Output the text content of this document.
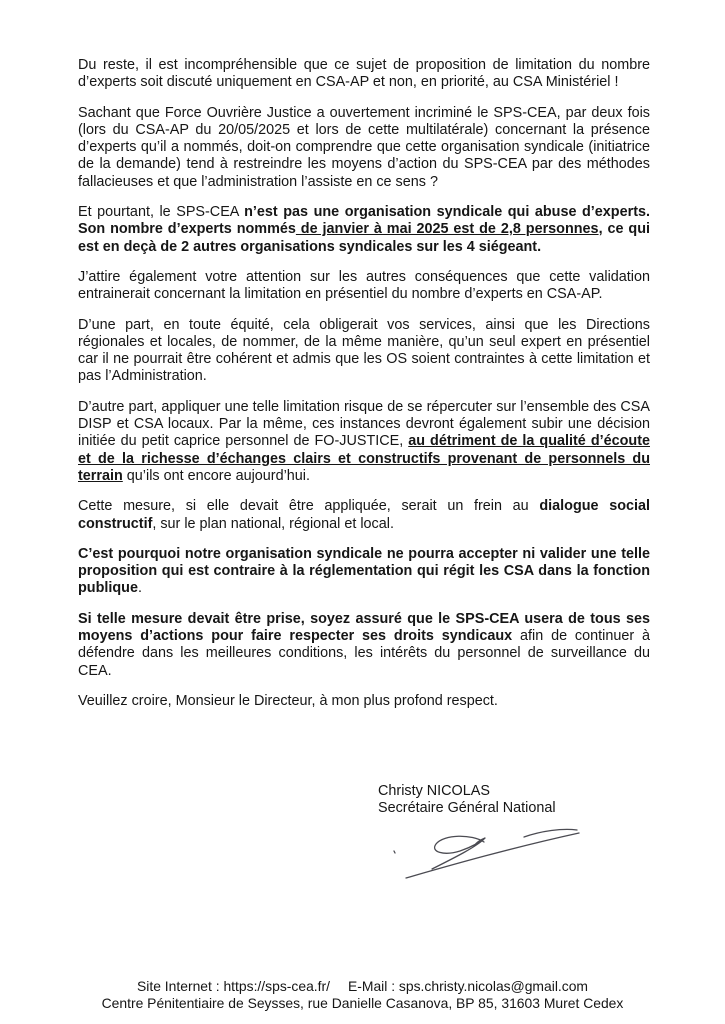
Du reste, il est incompréhensible que ce sujet de proposition de limitation du nombre d’experts soit discuté uniquement en CSA-AP et non, en priorité, au CSA Ministériel !

Sachant que Force Ouvrière Justice a ouvertement incriminé le SPS-CEA, par deux fois (lors du CSA-AP du 20/05/2025 et lors de cette multilatérale) concernant la présence d’experts qu’il a nommés, doit-on comprendre que cette organisation syndicale (initiatrice de la demande) tend à restreindre les moyens d’action du SPS-CEA par des méthodes fallacieuses et que l’administration l’assiste en ce sens ?

Et pourtant, le SPS-CEA n’est pas une organisation syndicale qui abuse d’experts. Son nombre d’experts nommés de janvier à mai 2025 est de 2,8 personnes, ce qui est en deçà de 2 autres organisations syndicales sur les 4 siégeant.

J’attire également votre attention sur les autres conséquences que cette validation entrainerait concernant la limitation en présentiel du nombre d’experts en CSA-AP.

D’une part, en toute équité, cela obligerait vos services, ainsi que les Directions régionales et locales, de nommer, de la même manière, qu’un seul expert en présentiel car il ne pourrait être cohérent et admis que les OS soient contraintes à cette limitation et pas l’Administration.

D’autre part, appliquer une telle limitation risque de se répercuter sur l’ensemble des CSA DISP et CSA locaux. Par la même, ces instances devront également subir une décision initiée du petit caprice personnel de FO-JUSTICE, au détriment de la qualité d’écoute et de la richesse d’échanges clairs et constructifs provenant de personnels du terrain qu’ils ont encore aujourd’hui.

Cette mesure, si elle devait être appliquée, serait un frein au dialogue social constructif, sur le plan national, régional et local.

C’est pourquoi notre organisation syndicale ne pourra accepter ni valider une telle proposition qui est contraire à la réglementation qui régit les CSA dans la fonction publique.

Si telle mesure devait être prise, soyez assuré que le SPS-CEA usera de tous ses moyens d’actions pour faire respecter ses droits syndicaux afin de continuer à défendre dans les meilleures conditions, les intérêts du personnel de surveillance du CEA.

Veuillez croire, Monsieur le Directeur, à mon plus profond respect.

Christy NICOLAS
Secrétaire Général National
Site Internet : https://sps-cea.fr/ E-Mail : sps.christy.nicolas@gmail.com
Centre Pénitentiaire de Seysses, rue Danielle Casanova, BP 85, 31603 Muret Cedex
